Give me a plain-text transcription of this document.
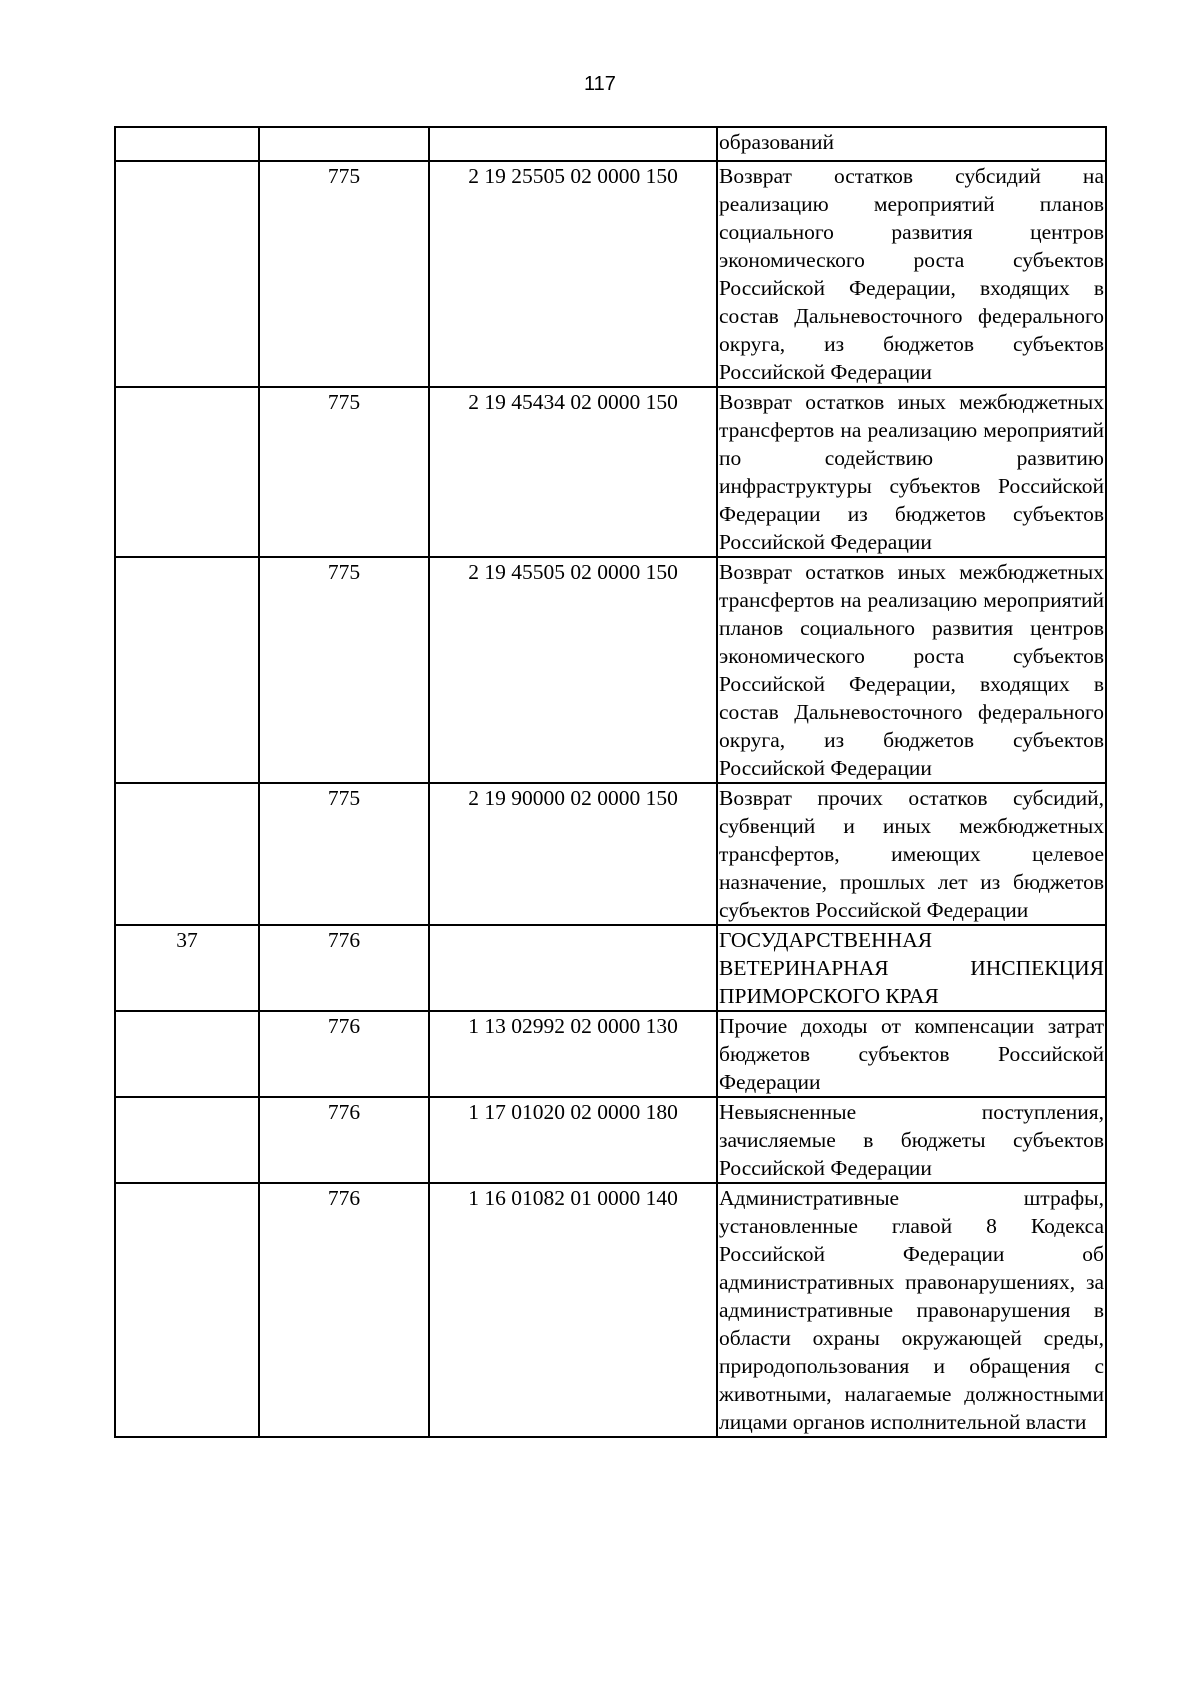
117
			образований
	775	2 19 25505 02 0000 150	Возврат остатков субсидий на реализацию мероприятий планов социального развития центров экономического роста субъектов Российской Федерации, входящих в состав Дальневосточного федерального округа, из бюджетов субъектов Российской Федерации
	775	2 19 45434 02 0000 150	Возврат остатков иных межбюджетных трансфертов на реализацию мероприятий по содействию развитию инфраструктуры субъектов Российской Федерации из бюджетов субъектов Российской Федерации
	775	2 19 45505 02 0000 150	Возврат остатков иных межбюджетных трансфертов на реализацию мероприятий планов социального развития центров экономического роста субъектов Российской Федерации, входящих в состав Дальневосточного федерального округа, из бюджетов субъектов Российской Федерации
	775	2 19 90000 02 0000 150	Возврат прочих остатков субсидий, субвенций и иных межбюджетных трансфертов, имеющих целевое назначение, прошлых лет из бюджетов субъектов Российской Федерации
37	776		ГОСУДАРСТВЕННАЯ ВЕТЕРИНАРНАЯ ИНСПЕКЦИЯ ПРИМОРСКОГО КРАЯ
	776	1 13 02992 02 0000 130	Прочие доходы от компенсации затрат бюджетов субъектов Российской Федерации
	776	1 17 01020 02 0000 180	Невыясненные поступления, зачисляемые в бюджеты субъектов Российской Федерации
	776	1 16 01082 01 0000 140	Административные штрафы, установленные главой 8 Кодекса Российской Федерации об административных правонарушениях, за административные правонарушения в области охраны окружающей среды, природопользования и обращения с животными, налагаемые должностными лицами органов исполнительной власти
